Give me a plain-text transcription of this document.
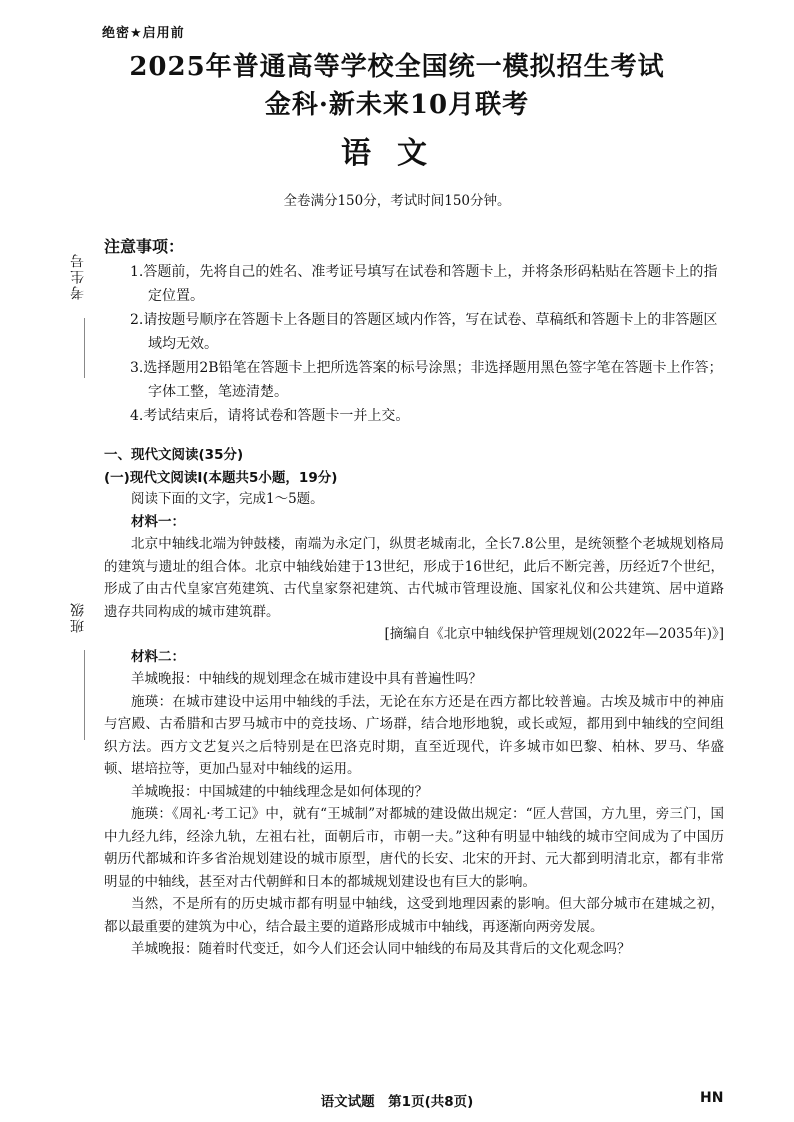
绝密★启用前
2025年普通高等学校全国统一模拟招生考试
金科·新未来10月联考
语文
全卷满分150分，考试时间150分钟。
考生号
班级
注意事项：

1.答题前，先将自己的姓名、准考证号填写在试卷和答题卡上，并将条形码粘贴在答题卡上的指定位置。

2.请按题号顺序在答题卡上各题目的答题区域内作答，写在试卷、草稿纸和答题卡上的非答题区域均无效。

3.选择题用2B铅笔在答题卡上把所选答案的标号涂黑；非选择题用黑色签字笔在答题卡上作答；字体工整，笔迹清楚。

4.考试结束后，请将试卷和答题卡一并上交。

一、现代文阅读(35分)
(一)现代文阅读Ⅰ(本题共5小题，19分)

阅读下面的文字，完成1～5题。

材料一：

北京中轴线北端为钟鼓楼，南端为永定门，纵贯老城南北，全长7.8公里，是统领整个老城规划格局的建筑与遗址的组合体。北京中轴线始建于13世纪，形成于16世纪，此后不断完善，历经近7个世纪，形成了由古代皇家宫苑建筑、古代皇家祭祀建筑、古代城市管理设施、国家礼仪和公共建筑、居中道路遗存共同构成的城市建筑群。

[摘编自《北京中轴线保护管理规划(2022年—2035年)》]

材料二：

羊城晚报：中轴线的规划理念在城市建设中具有普遍性吗？

施瑛：在城市建设中运用中轴线的手法，无论在东方还是在西方都比较普遍。古埃及城市中的神庙与宫殿、古希腊和古罗马城市中的竞技场、广场群，结合地形地貌，或长或短，都用到中轴线的空间组织方法。西方文艺复兴之后特别是在巴洛克时期，直至近现代，许多城市如巴黎、柏林、罗马、华盛顿、堪培拉等，更加凸显对中轴线的运用。

羊城晚报：中国城建的中轴线理念是如何体现的？

施瑛：《周礼·考工记》中，就有“王城制”对都城的建设做出规定：“匠人营国，方九里，旁三门，国中九经九纬，经涂九轨，左祖右社，面朝后市，市朝一夫。”这种有明显中轴线的城市空间成为了中国历朝历代都城和许多省治规划建设的城市原型，唐代的长安、北宋的开封、元大都到明清北京，都有非常明显的中轴线，甚至对古代朝鲜和日本的都城规划建设也有巨大的影响。

当然，不是所有的历史城市都有明显中轴线，这受到地理因素的影响。但大部分城市在建城之初，都以最重要的建筑为中心，结合最主要的道路形成城市中轴线，再逐渐向两旁发展。

羊城晚报：随着时代变迁，如今人们还会认同中轴线的布局及其背后的文化观念吗？

语文试题　第1页(共8页)	HN
